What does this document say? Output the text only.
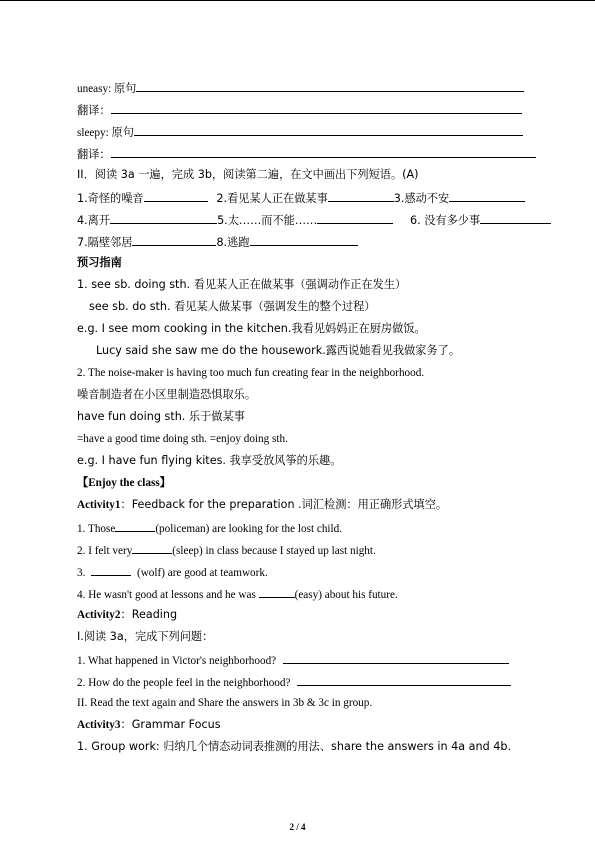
uneasy: 原句
翻译：
sleepy: 原句
翻译：
II．阅读 3a 一遍，完成 3b，阅读第二遍，在文中画出下列短语。(A)
1.奇怪的噪音	2.看见某人正在做某事	3.感动不安
4.离开	5.太……而不能……	6. 没有多少事
7.隔壁邻居	8.逃跑
预习指南
1. see sb. doing sth. 看见某人正在做某事（强调动作正在发生）
see sb. do sth. 看见某人做某事（强调发生的整个过程）
e.g. I see mom cooking in the kitchen.我看见妈妈正在厨房做饭。
Lucy said she saw me do the housework.露西说她看见我做家务了。
2. The noise-maker is having too much fun creating fear in the neighborhood.
噪音制造者在小区里制造恐惧取乐。
have fun doing sth. 乐于做某事
=have a good time doing sth. =enjoy doing sth.
e.g. I have fun flying kites. 我享受放风筝的乐趣。
【Enjoy the class】
Activity1：Feedback for the preparation .词汇检测：用正确形式填空。
1. Those	(policeman) are looking for the lost child.
2. I felt very	(sleep) in class because I stayed up last night.
3.	(wolf) are good at teamwork.
4. He wasn't good at lessons and he was	(easy) about his future.
Activity2：Reading
I.阅读 3a，完成下列问题：
1. What happened in Victor's neighborhood?
2. How do the people feel in the neighborhood?
II. Read the text again and Share the answers in 3b & 3c in group.
Activity3：Grammar Focus
1. Group work: 归纳几个情态动词表推测的用法、share the answers in 4a and 4b.
2 / 4
